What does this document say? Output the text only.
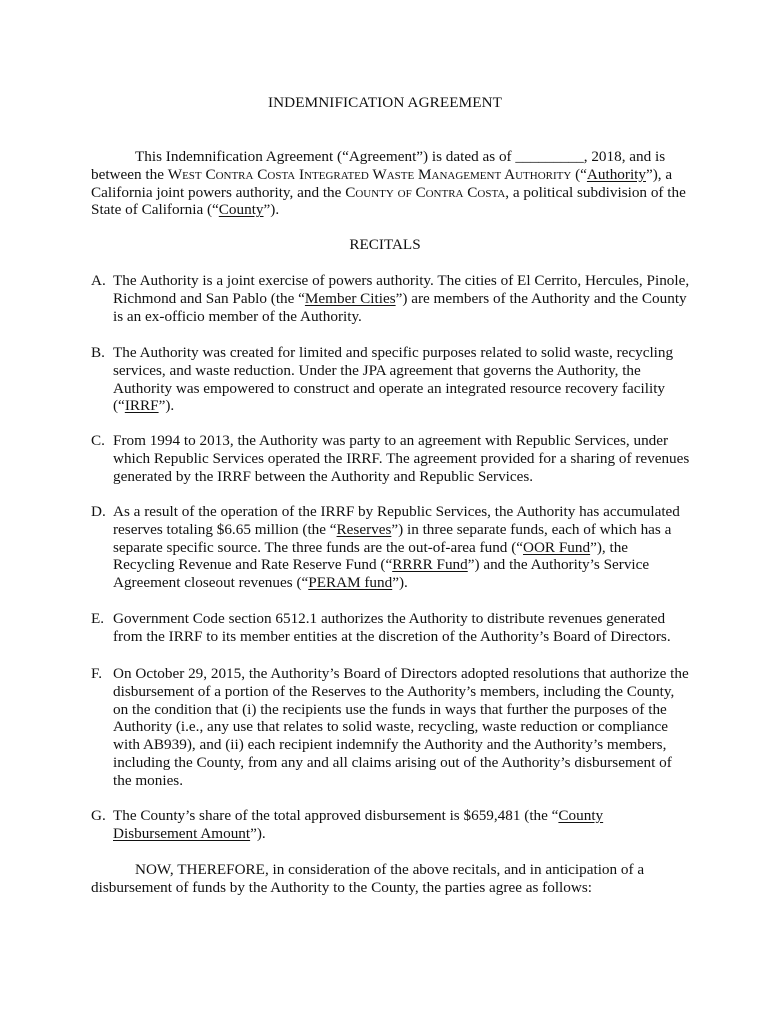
INDEMNIFICATION AGREEMENT
This Indemnification Agreement (“Agreement”) is dated as of _________, 2018, and is between the West Contra Costa Integrated Waste Management Authority (“Authority”), a California joint powers authority, and the County of Contra Costa, a political subdivision of the State of California (“County”).
RECITALS
A. The Authority is a joint exercise of powers authority. The cities of El Cerrito, Hercules, Pinole, Richmond and San Pablo (the “Member Cities”) are members of the Authority and the County is an ex-officio member of the Authority.
B. The Authority was created for limited and specific purposes related to solid waste, recycling services, and waste reduction. Under the JPA agreement that governs the Authority, the Authority was empowered to construct and operate an integrated resource recovery facility (“IRRF”).
C. From 1994 to 2013, the Authority was party to an agreement with Republic Services, under which Republic Services operated the IRRF. The agreement provided for a sharing of revenues generated by the IRRF between the Authority and Republic Services.
D. As a result of the operation of the IRRF by Republic Services, the Authority has accumulated reserves totaling $6.65 million (the “Reserves”) in three separate funds, each of which has a separate specific source. The three funds are the out-of-area fund (“OOR Fund”), the Recycling Revenue and Rate Reserve Fund (“RRRR Fund”) and the Authority’s Service Agreement closeout revenues (“PERAM fund”).
E. Government Code section 6512.1 authorizes the Authority to distribute revenues generated from the IRRF to its member entities at the discretion of the Authority’s Board of Directors.
F. On October 29, 2015, the Authority’s Board of Directors adopted resolutions that authorize the disbursement of a portion of the Reserves to the Authority’s members, including the County, on the condition that (i) the recipients use the funds in ways that further the purposes of the Authority (i.e., any use that relates to solid waste, recycling, waste reduction or compliance with AB939), and (ii) each recipient indemnify the Authority and the Authority’s members, including the County, from any and all claims arising out of the Authority’s disbursement of the monies.
G. The County’s share of the total approved disbursement is $659,481 (the “County Disbursement Amount”).
NOW, THEREFORE, in consideration of the above recitals, and in anticipation of a disbursement of funds by the Authority to the County, the parties agree as follows:
